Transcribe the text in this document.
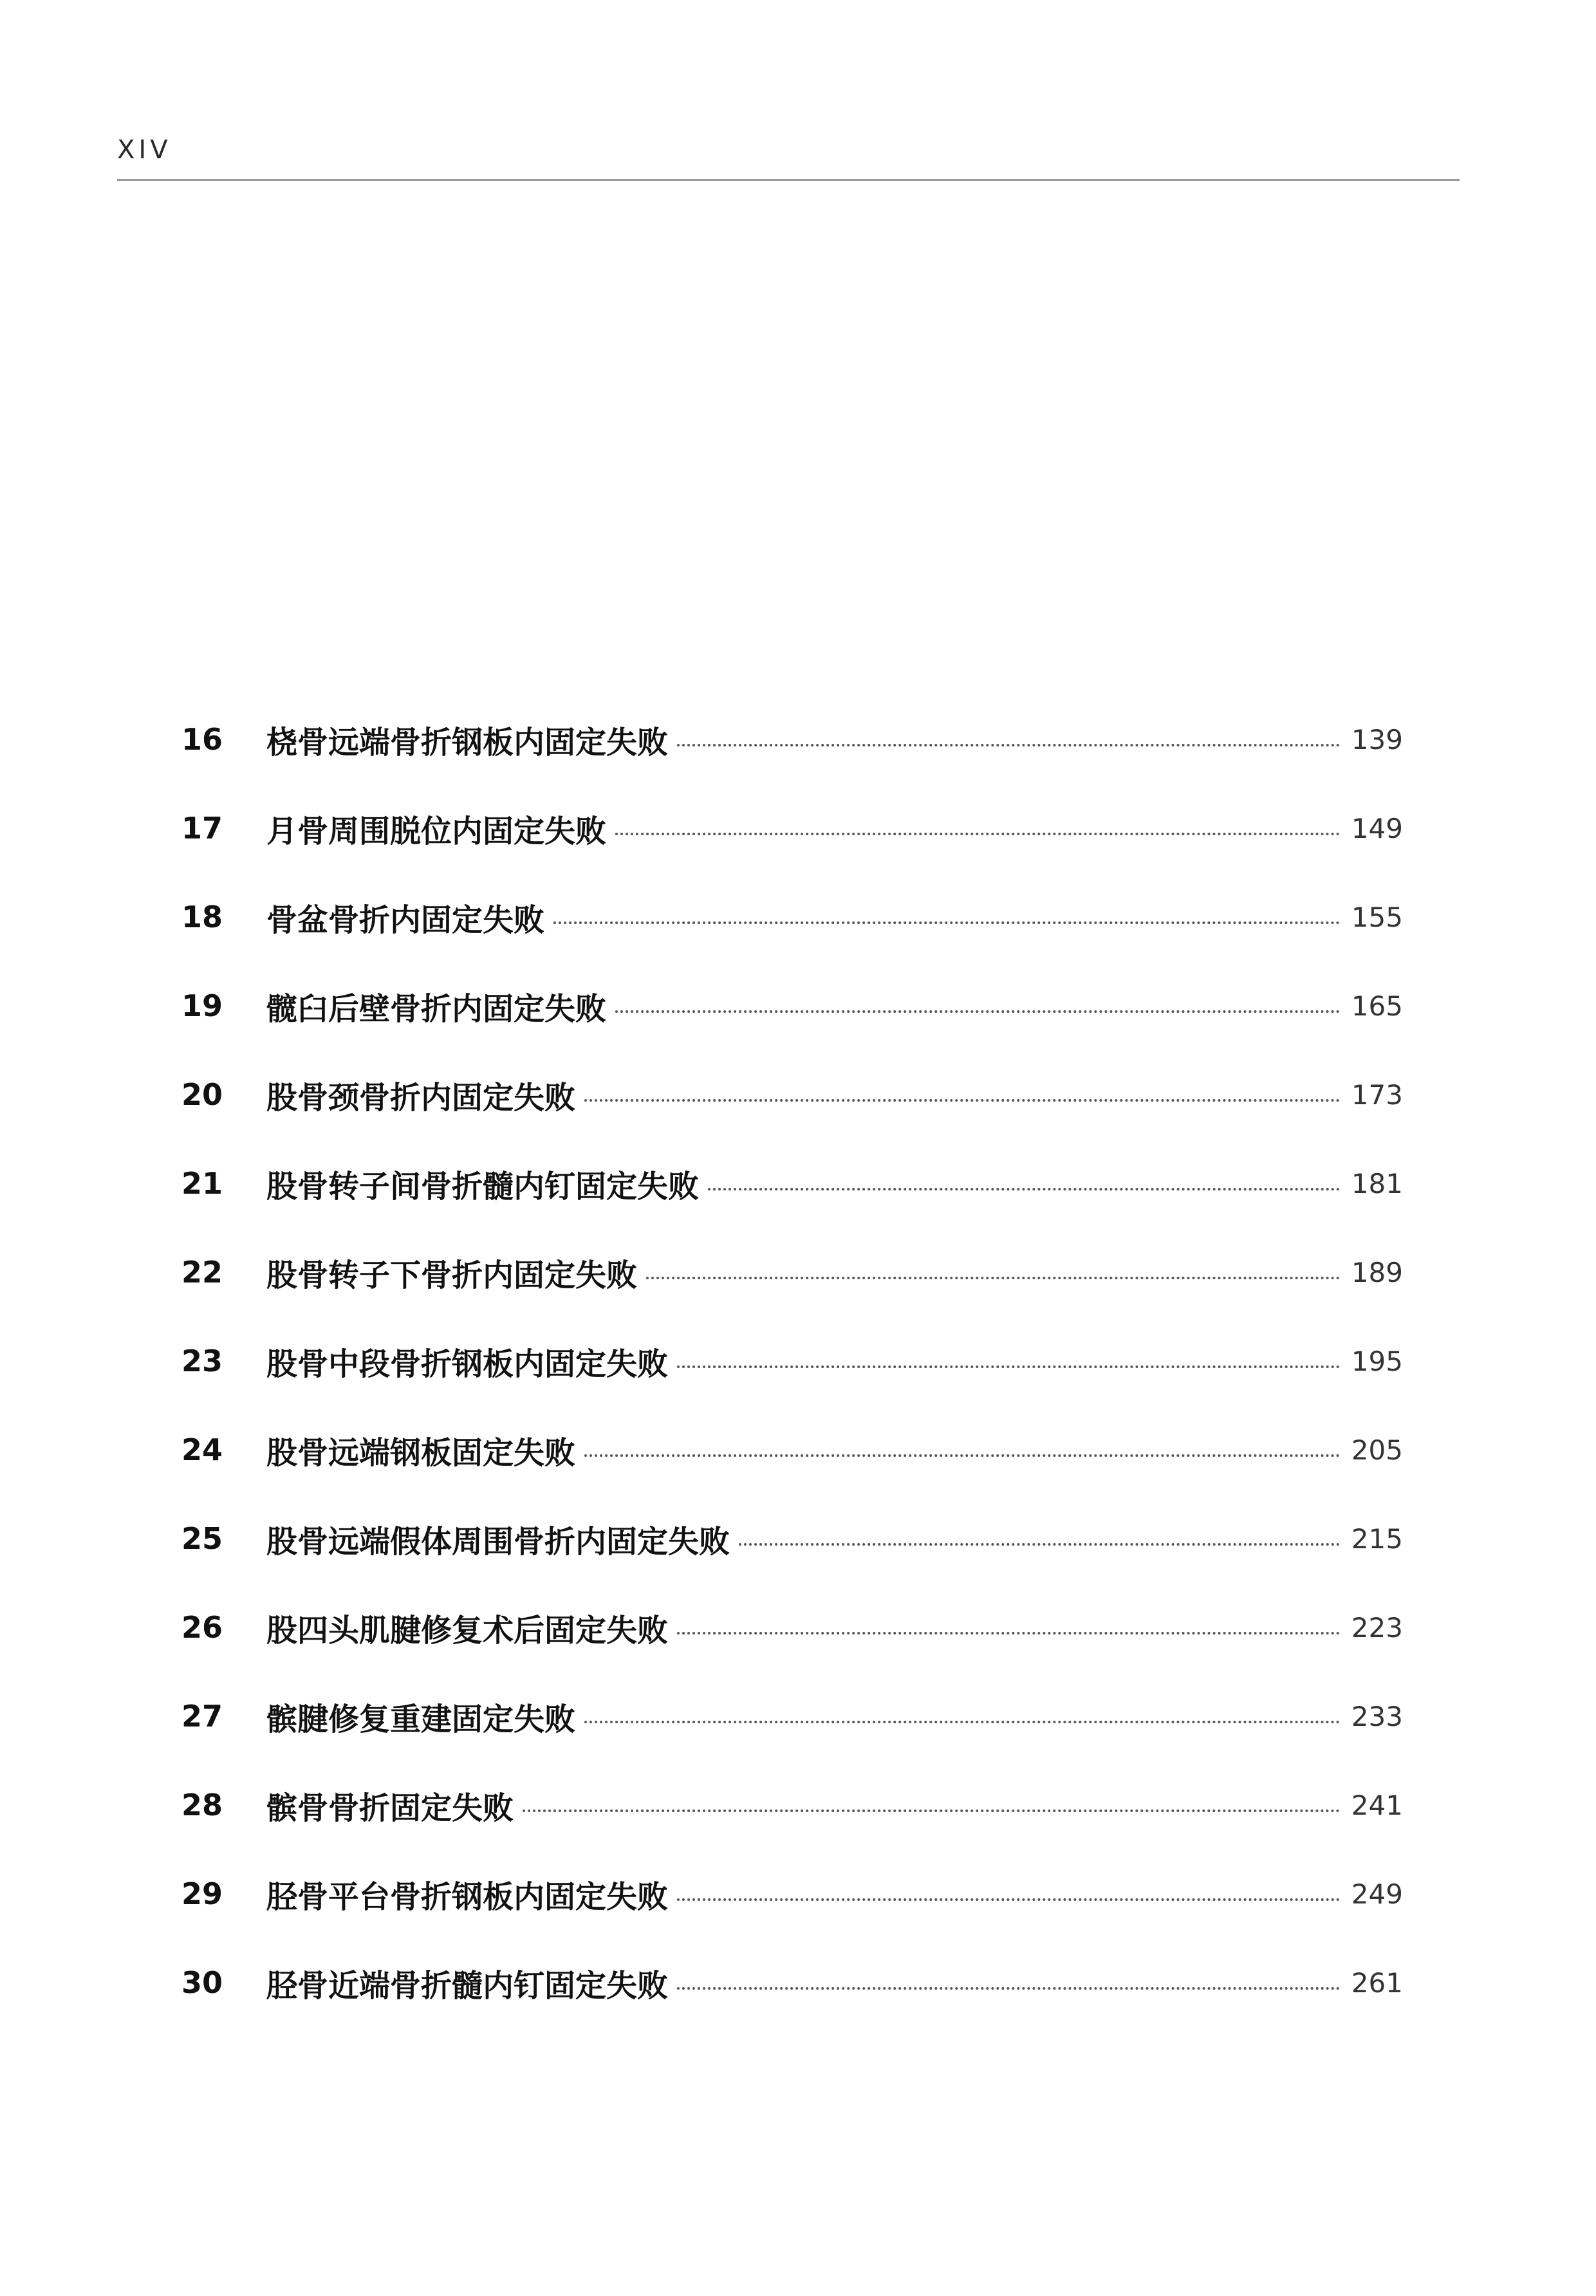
XIV
16	桡骨远端骨折钢板内固定失败	139
17	月骨周围脱位内固定失败	149
18	骨盆骨折内固定失败	155
19	髋臼后壁骨折内固定失败	165
20	股骨颈骨折内固定失败	173
21	股骨转子间骨折髓内钉固定失败	181
22	股骨转子下骨折内固定失败	189
23	股骨中段骨折钢板内固定失败	195
24	股骨远端钢板固定失败	205
25	股骨远端假体周围骨折内固定失败	215
26	股四头肌腱修复术后固定失败	223
27	髌腱修复重建固定失败	233
28	髌骨骨折固定失败	241
29	胫骨平台骨折钢板内固定失败	249
30	胫骨近端骨折髓内钉固定失败	261
